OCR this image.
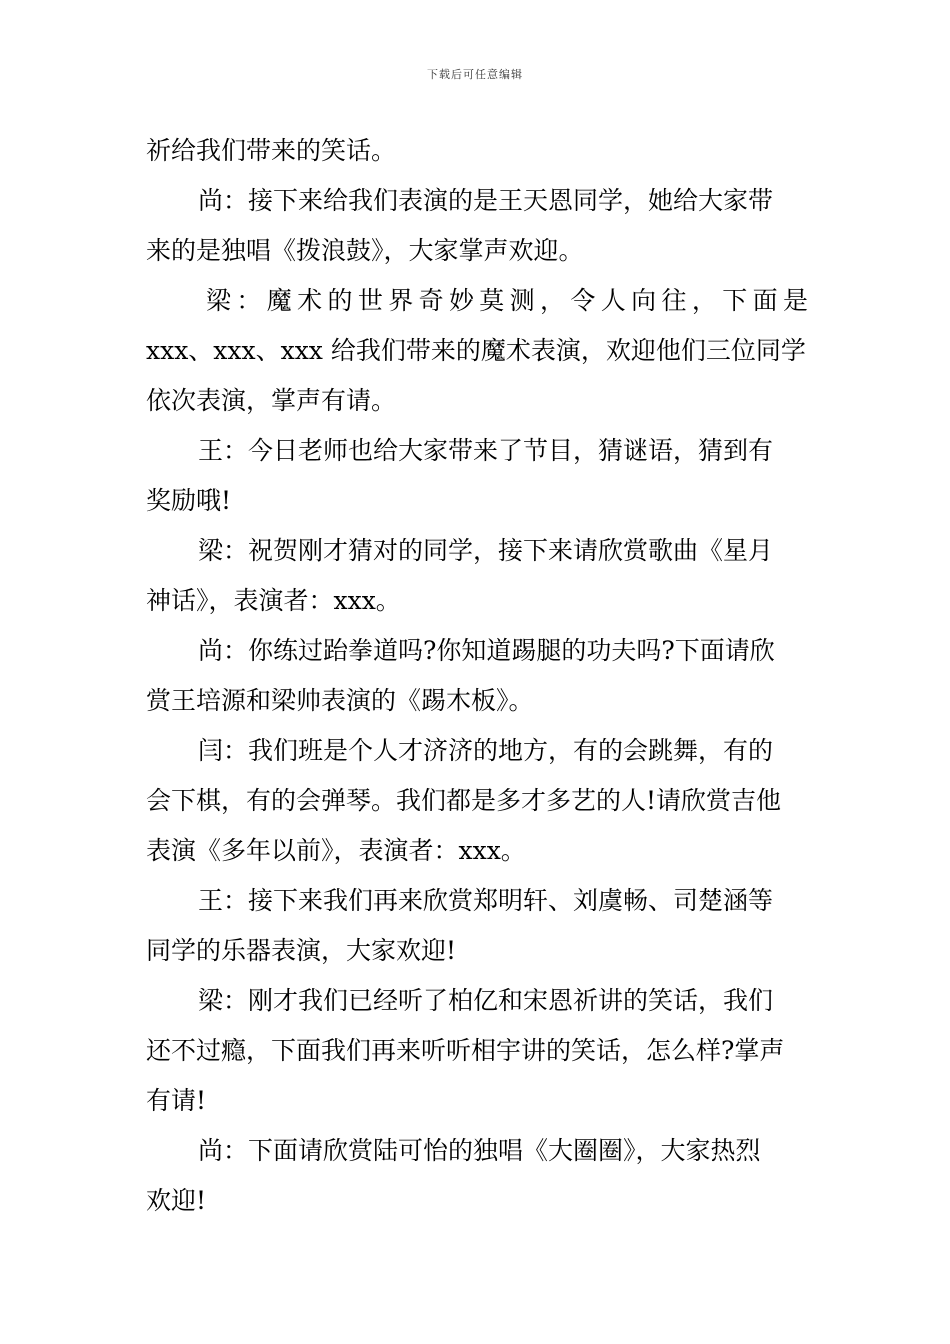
下载后可任意编辑
祈给我们带来的笑话。
尚：接下来给我们表演的是王天恩同学，她给大家带
来的是独唱《拨浪鼓》，大家掌声欢迎。
梁：魔术的世界奇妙莫测，令人向往，下面是
xxx、xxx、xxx 给我们带来的魔术表演，欢迎他们三位同学
依次表演，掌声有请。
王：今日老师也给大家带来了节目，猜谜语，猜到有
奖励哦!
梁：祝贺刚才猜对的同学，接下来请欣赏歌曲《星月
神话》，表演者：xxx。
尚：你练过跆拳道吗?你知道踢腿的功夫吗?下面请欣
赏王培源和梁帅表演的《踢木板》。
闫：我们班是个人才济济的地方，有的会跳舞，有的
会下棋，有的会弹琴。我们都是多才多艺的人!请欣赏吉他
表演《多年以前》，表演者：xxx。
王：接下来我们再来欣赏郑明轩、刘虞畅、司楚涵等
同学的乐器表演，大家欢迎!
梁：刚才我们已经听了柏亿和宋恩祈讲的笑话，我们
还不过瘾，下面我们再来听听相宇讲的笑话，怎么样?掌声
有请!
尚：下面请欣赏陆可怡的独唱《大圈圈》，大家热烈
欢迎!
